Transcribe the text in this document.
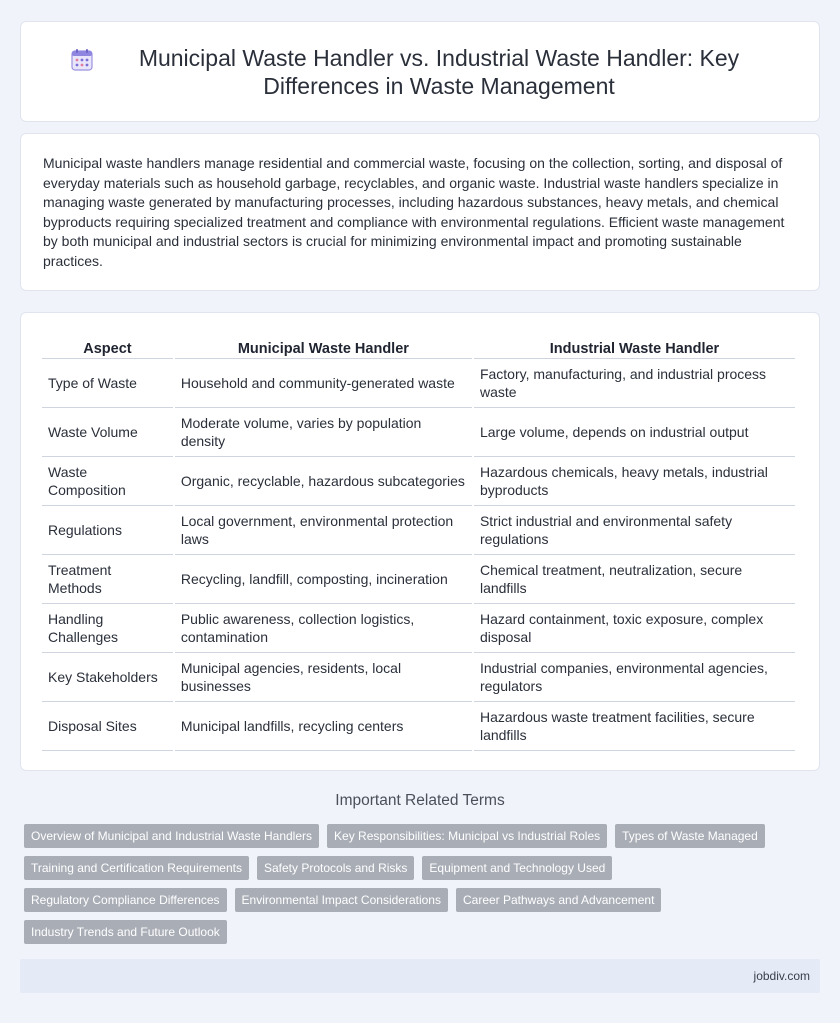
Municipal Waste Handler vs. Industrial Waste Handler: Key Differences in Waste Management

Municipal waste handlers manage residential and commercial waste, focusing on the collection, sorting, and disposal of everyday materials such as household garbage, recyclables, and organic waste. Industrial waste handlers specialize in managing waste generated by manufacturing processes, including hazardous substances, heavy metals, and chemical byproducts requiring specialized treatment and compliance with environmental regulations. Efficient waste management by both municipal and industrial sectors is crucial for minimizing environmental impact and promoting sustainable practices.

Aspect	Municipal Waste Handler	Industrial Waste Handler
Type of Waste	Household and community-generated waste	Factory, manufacturing, and industrial process waste
Waste Volume	Moderate volume, varies by population density	Large volume, depends on industrial output
Waste Composition	Organic, recyclable, hazardous subcategories	Hazardous chemicals, heavy metals, industrial byproducts
Regulations	Local government, environmental protection laws	Strict industrial and environmental safety regulations
Treatment Methods	Recycling, landfill, composting, incineration	Chemical treatment, neutralization, secure landfills
Handling Challenges	Public awareness, collection logistics, contamination	Hazard containment, toxic exposure, complex disposal
Key Stakeholders	Municipal agencies, residents, local businesses	Industrial companies, environmental agencies, regulators
Disposal Sites	Municipal landfills, recycling centers	Hazardous waste treatment facilities, secure landfills
Important Related Terms
Overview of Municipal and Industrial Waste Handlers	Key Responsibilities: Municipal vs Industrial Roles	Types of Waste Managed
Training and Certification Requirements	Safety Protocols and Risks	Equipment and Technology Used
Regulatory Compliance Differences	Environmental Impact Considerations	Career Pathways and Advancement
Industry Trends and Future Outlook
jobdiv.com
